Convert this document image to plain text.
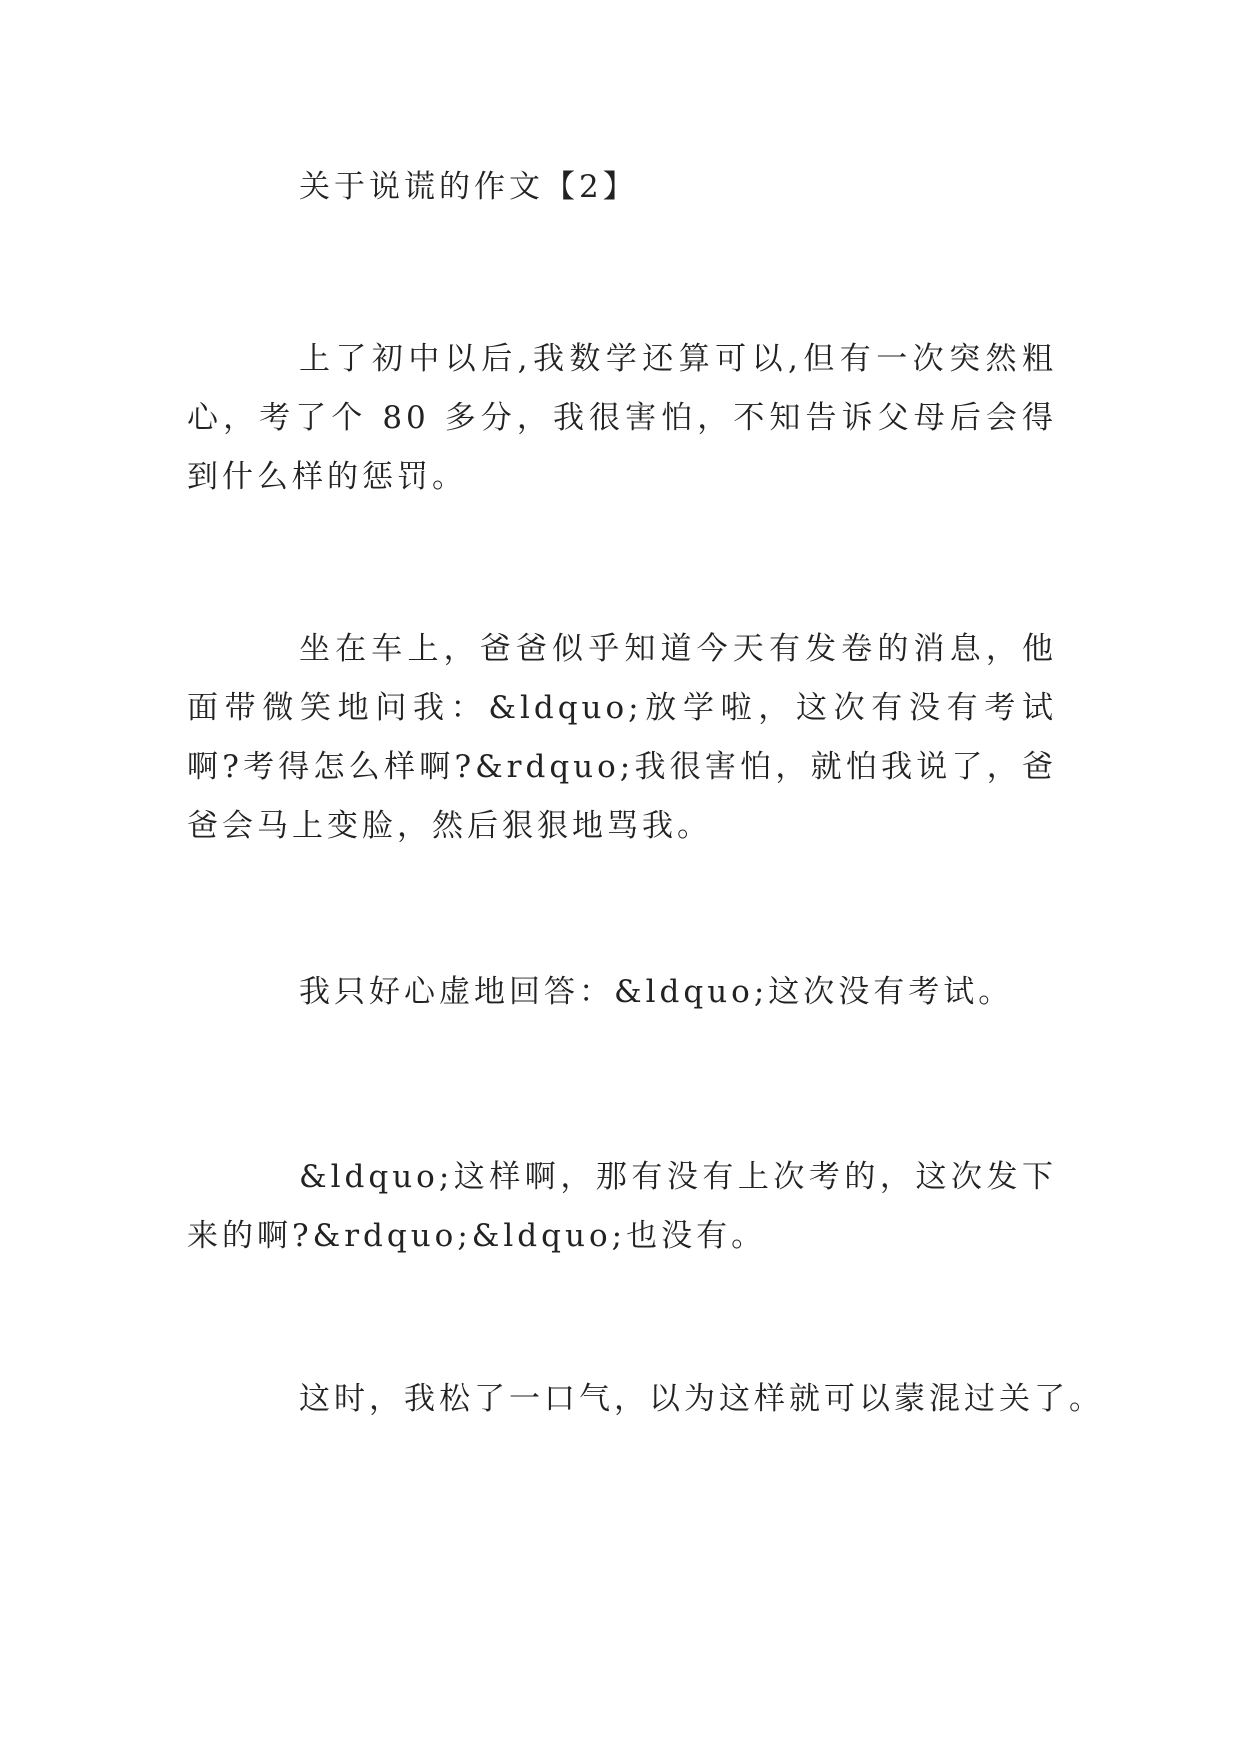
关于说谎的作文【2】

上了初中以后,我数学还算可以,但有一次突然粗心，考了个 80 多分，我很害怕，不知告诉父母后会得到什么样的惩罚。

坐在车上，爸爸似乎知道今天有发卷的消息，他面带微笑地问我：&ldquo;放学啦，这次有没有考试啊?考得怎么样啊?&rdquo;我很害怕，就怕我说了，爸爸会马上变脸，然后狠狠地骂我。

我只好心虚地回答：&ldquo;这次没有考试。

&ldquo;这样啊，那有没有上次考的，这次发下来的啊?&rdquo;&ldquo;也没有。

这时，我松了一口气，以为这样就可以蒙混过关了。
